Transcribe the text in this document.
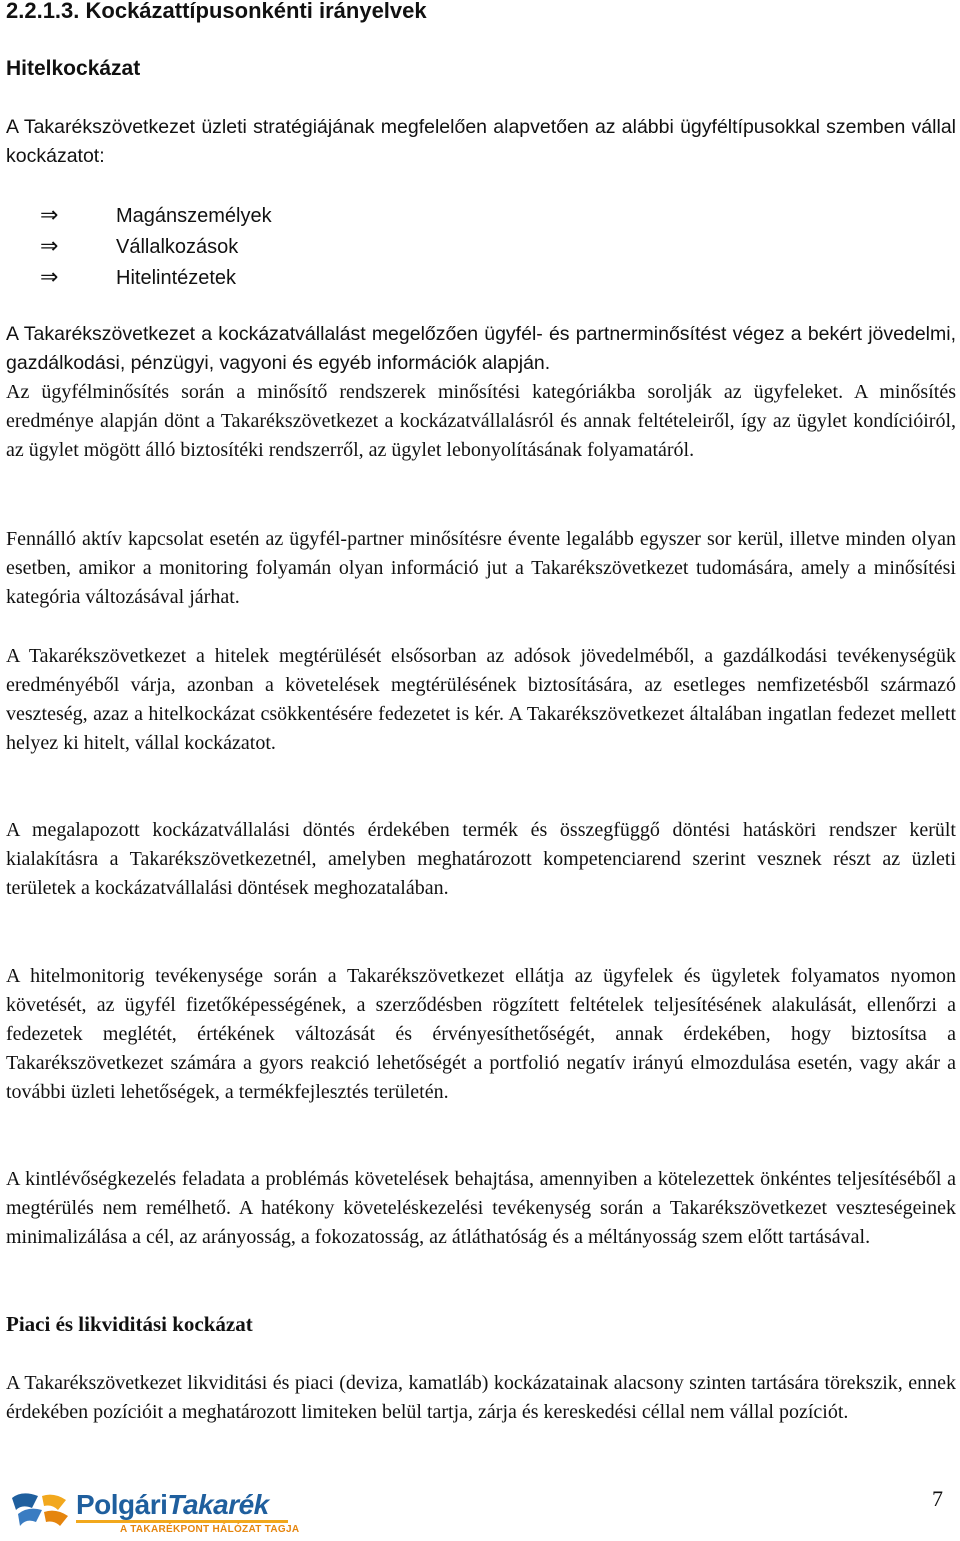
2.2.1.3. Kockázattípusonkénti irányelvek
Hitelkockázat

A Takarékszövetkezet üzleti stratégiájának megfelelően alapvetően az alábbi ügyféltípusokkal szemben vállal kockázatot:

⇒	Magánszemélyek
⇒	Vállalkozások
⇒	Hitelintézetek

A Takarékszövetkezet a kockázatvállalást megelőzően ügyfél- és partnerminősítést végez a bekért jövedelmi, gazdálkodási, pénzügyi, vagyoni és egyéb információk alapján.

Az ügyfélminősítés során a minősítő rendszerek minősítési kategóriákba sorolják az ügyfeleket. A minősítés eredménye alapján dönt a Takarékszövetkezet a kockázatvállalásról és annak feltételeiről, így az ügylet kondícióiról, az ügylet mögött álló biztosítéki rendszerről, az ügylet lebonyolításának folyamatáról.

Fennálló aktív kapcsolat esetén az ügyfél-partner minősítésre évente legalább egyszer sor kerül, illetve minden olyan esetben, amikor a monitoring folyamán olyan információ jut a Takarékszövetkezet tudomására, amely a minősítési kategória változásával járhat.

A Takarékszövetkezet a hitelek megtérülését elsősorban az adósok jövedelméből, a gazdálkodási tevékenységük eredményéből várja, azonban a követelések megtérülésének biztosítására, az esetleges nemfizetésből származó veszteség, azaz a hitelkockázat csökkentésére fedezetet is kér. A Takarékszövetkezet általában ingatlan fedezet mellett helyez ki hitelt, vállal kockázatot.

A megalapozott kockázatvállalási döntés érdekében termék és összegfüggő döntési hatásköri rendszer került kialakításra a Takarékszövetkezetnél, amelyben meghatározott kompetenciarend szerint vesznek részt az üzleti területek a kockázatvállalási döntések meghozatalában.

A hitelmonitorig tevékenysége során a Takarékszövetkezet ellátja az ügyfelek és ügyletek folyamatos nyomon követését, az ügyfél fizetőképességének, a szerződésben rögzített feltételek teljesítésének alakulását, ellenőrzi a fedezetek meglétét, értékének változását és érvényesíthetőségét, annak érdekében, hogy biztosítsa a Takarékszövetkezet számára a gyors reakció lehetőségét a portfolió negatív irányú elmozdulása esetén, vagy akár a további üzleti lehetőségek, a termékfejlesztés területén.

A kintlévőségkezelés feladata a problémás követelések behajtása, amennyiben a kötelezettek önkéntes teljesítéséből a megtérülés nem remélhető. A hatékony követeléskezelési tevékenység során a Takarékszövetkezet veszteségeinek minimalizálása a cél, az arányosság, a fokozatosság, az átláthatóság és a méltányosság szem előtt tartásával.

Piaci és likviditási kockázat

A Takarékszövetkezet likviditási és piaci (deviza, kamatláb) kockázatainak alacsony szinten tartására törekszik, ennek érdekében pozícióit a meghatározott limiteken belül tartja, zárja és kereskedési céllal nem vállal pozíciót.

PolgáriTakarék
A TAKARÉKPONT HÁLÓZAT TAGJA
7
